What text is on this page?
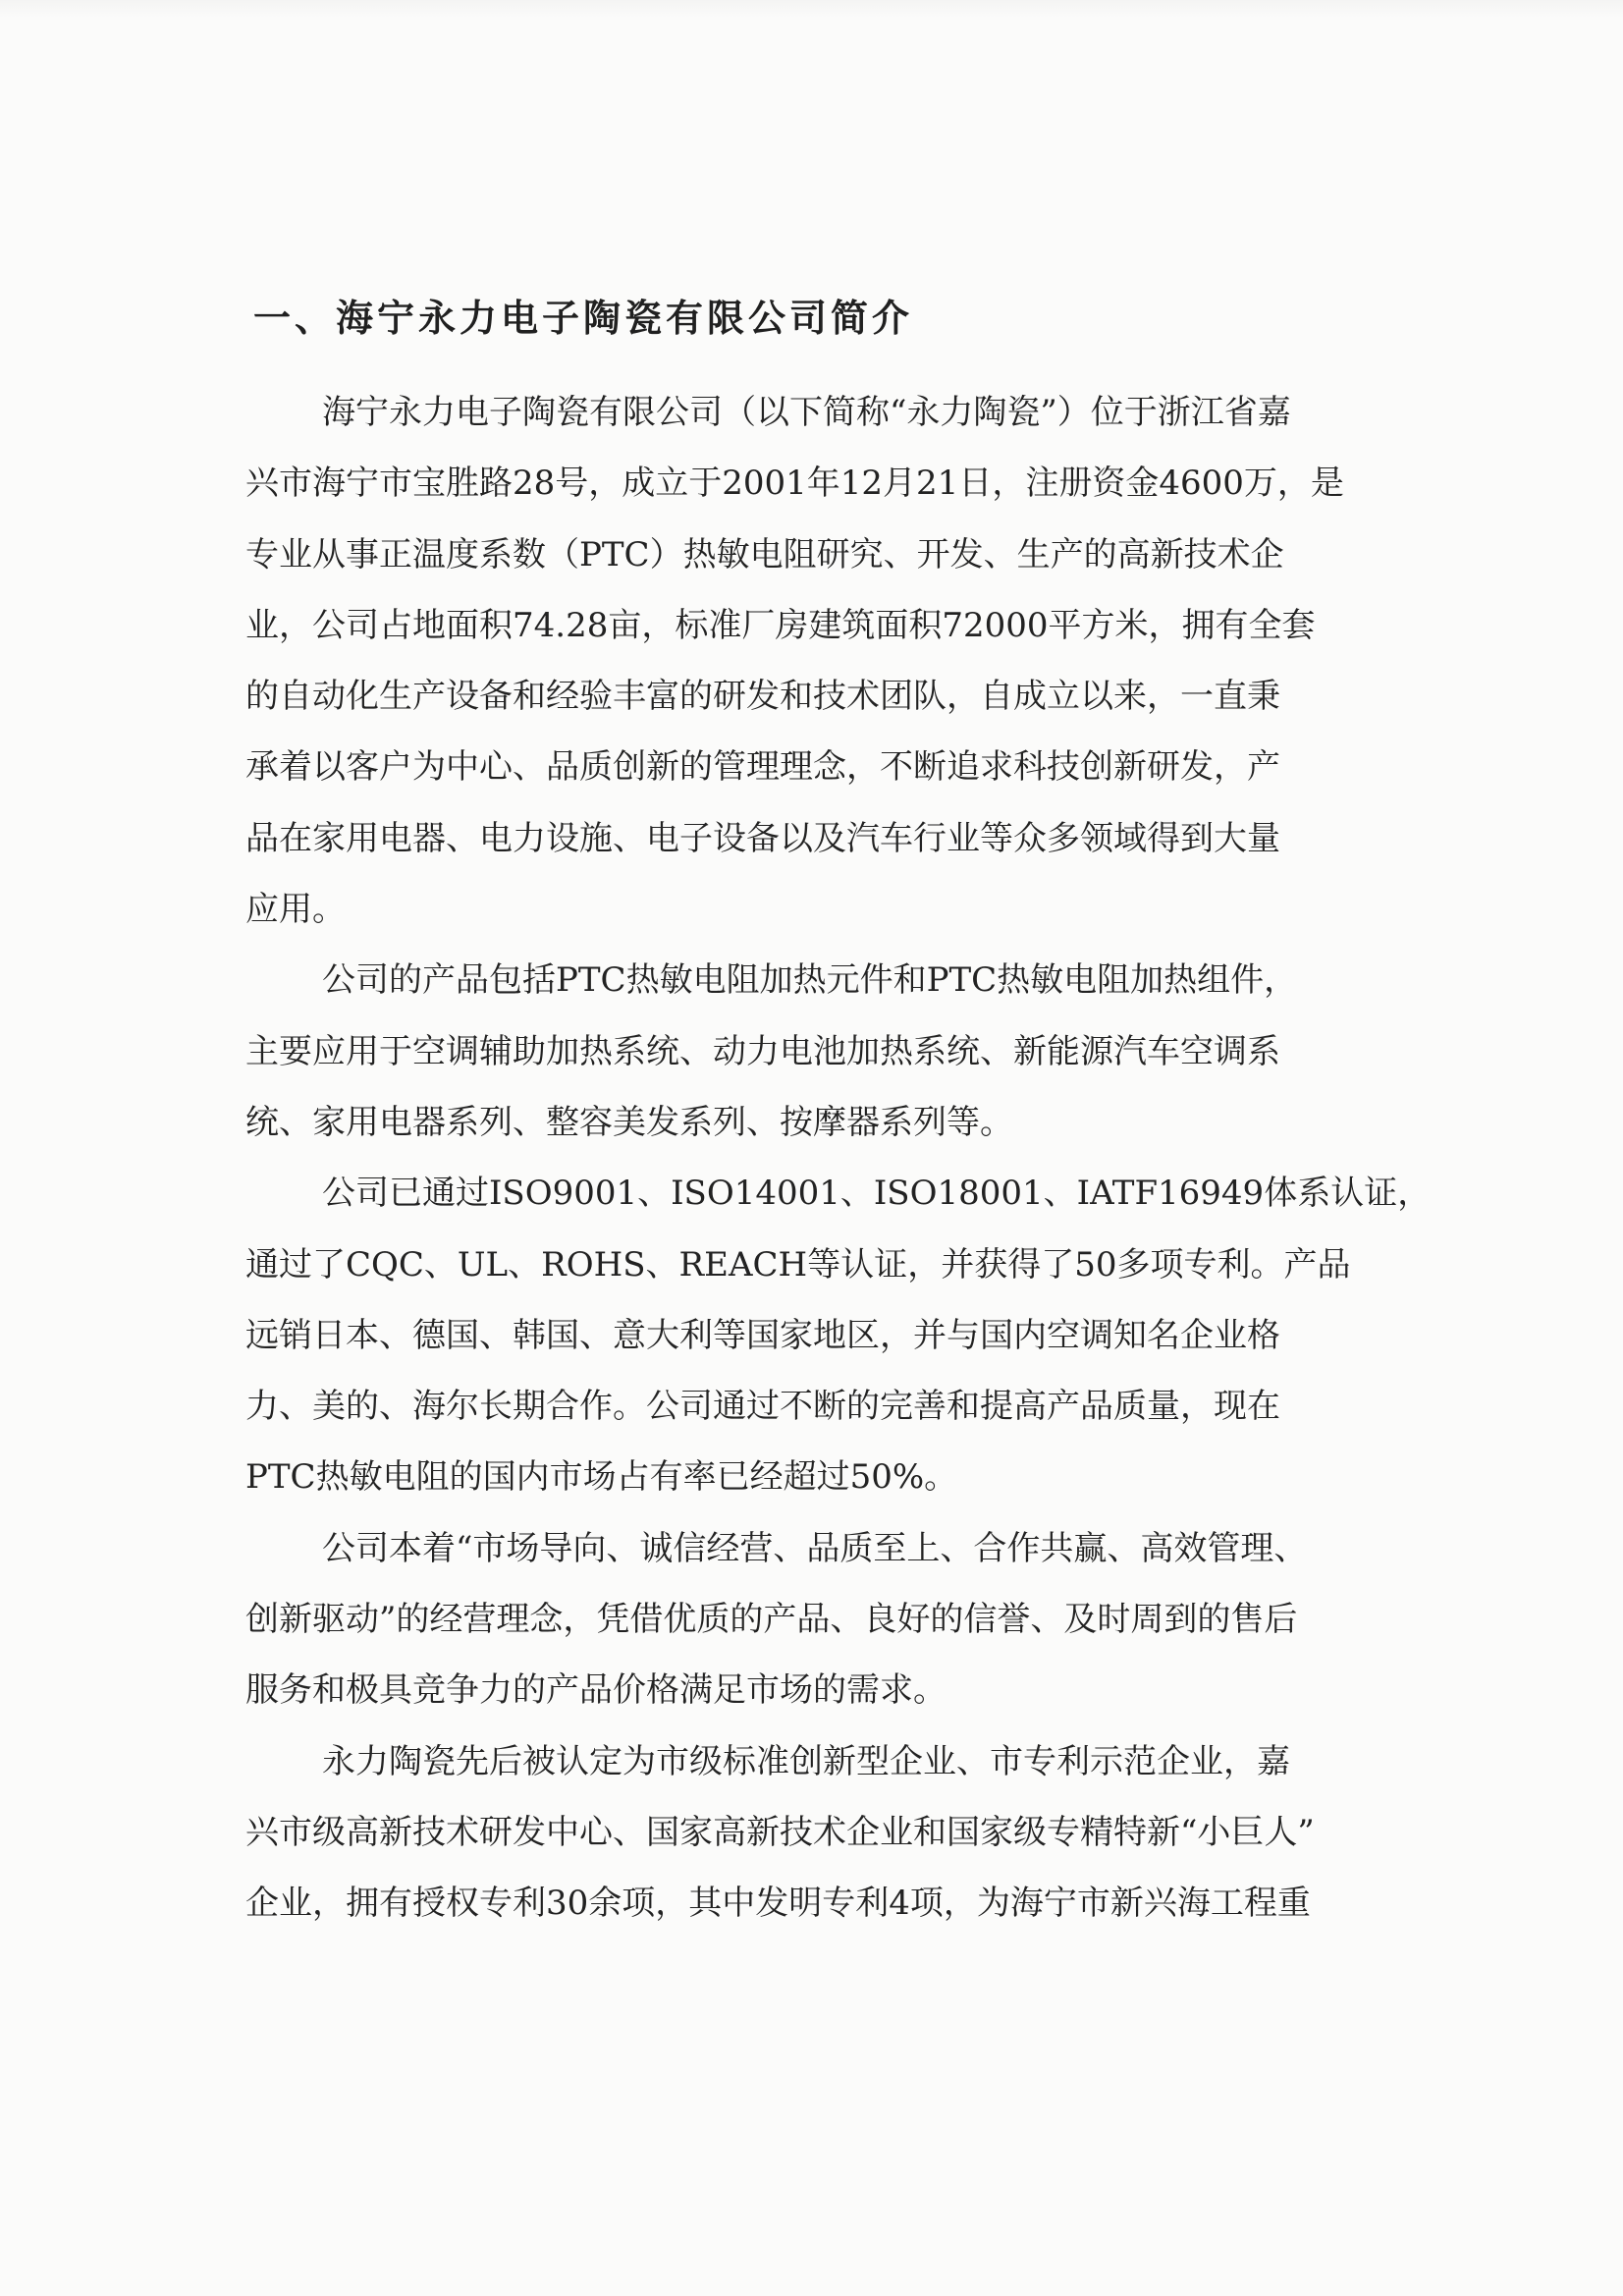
一、海宁永力电子陶瓷有限公司简介
海宁永力电子陶瓷有限公司（以下简称“永力陶瓷”）位于浙江省嘉
兴市海宁市宝胜路28号，成立于2001年12月21日，注册资金4600万，是
专业从事正温度系数（PTC）热敏电阻研究、开发、生产的高新技术企
业，公司占地面积74.28亩，标准厂房建筑面积72000平方米，拥有全套
的自动化生产设备和经验丰富的研发和技术团队，自成立以来，一直秉
承着以客户为中心、品质创新的管理理念，不断追求科技创新研发，产
品在家用电器、电力设施、电子设备以及汽车行业等众多领域得到大量
应用。
公司的产品包括PTC热敏电阻加热元件和PTC热敏电阻加热组件，
主要应用于空调辅助加热系统、动力电池加热系统、新能源汽车空调系
统、家用电器系列、整容美发系列、按摩器系列等。
公司已通过ISO9001、ISO14001、ISO18001、IATF16949体系认证，
通过了CQC、UL、ROHS、REACH等认证，并获得了50多项专利。产品
远销日本、德国、韩国、意大利等国家地区，并与国内空调知名企业格
力、美的、海尔长期合作。公司通过不断的完善和提高产品质量，现在
PTC热敏电阻的国内市场占有率已经超过50%。
公司本着“市场导向、诚信经营、品质至上、合作共赢、高效管理、
创新驱动”的经营理念，凭借优质的产品、良好的信誉、及时周到的售后
服务和极具竞争力的产品价格满足市场的需求。
永力陶瓷先后被认定为市级标准创新型企业、市专利示范企业，嘉
兴市级高新技术研发中心、国家高新技术企业和国家级专精特新“小巨人”
企业，拥有授权专利30余项，其中发明专利4项，为海宁市新兴海工程重
